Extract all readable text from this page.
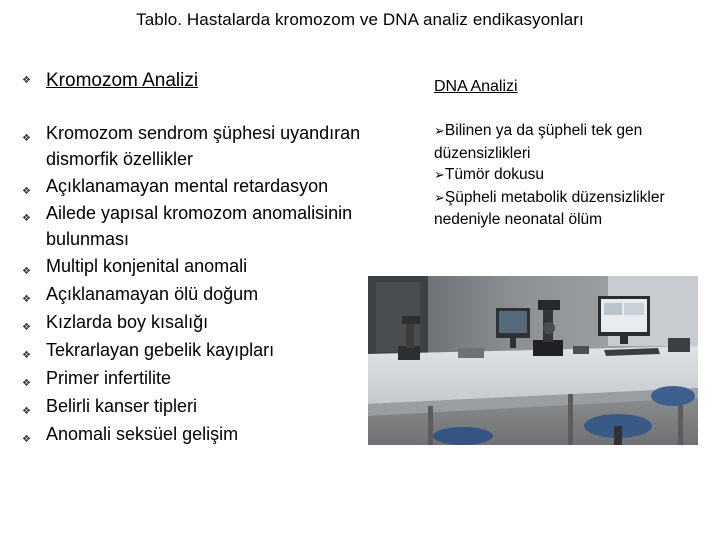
Tablo. Hastalarda kromozom ve DNA analiz endikasyonları
❖ Kromozom Analizi
❖ Kromozom sendrom şüphesi uyandıran dismorfik özellikler
❖ Açıklanamayan mental retardasyon
❖ Ailede yapısal kromozom anomalisinin bulunması
❖ Multipl konjenital anomali
❖ Açıklanamayan ölü doğum
❖ Kızlarda boy kısalığı
❖ Tekrarlayan gebelik kayıpları
❖ Primer infertilite
❖ Belirli kanser tipleri
❖ Anomali seksüel gelişim
DNA Analizi
➢Bilinen ya da şüpheli tek gen düzensizlikleri
➢Tümör dokusu
➢Şüpheli metabolik düzensizlikler nedeniyle neonatal ölüm
